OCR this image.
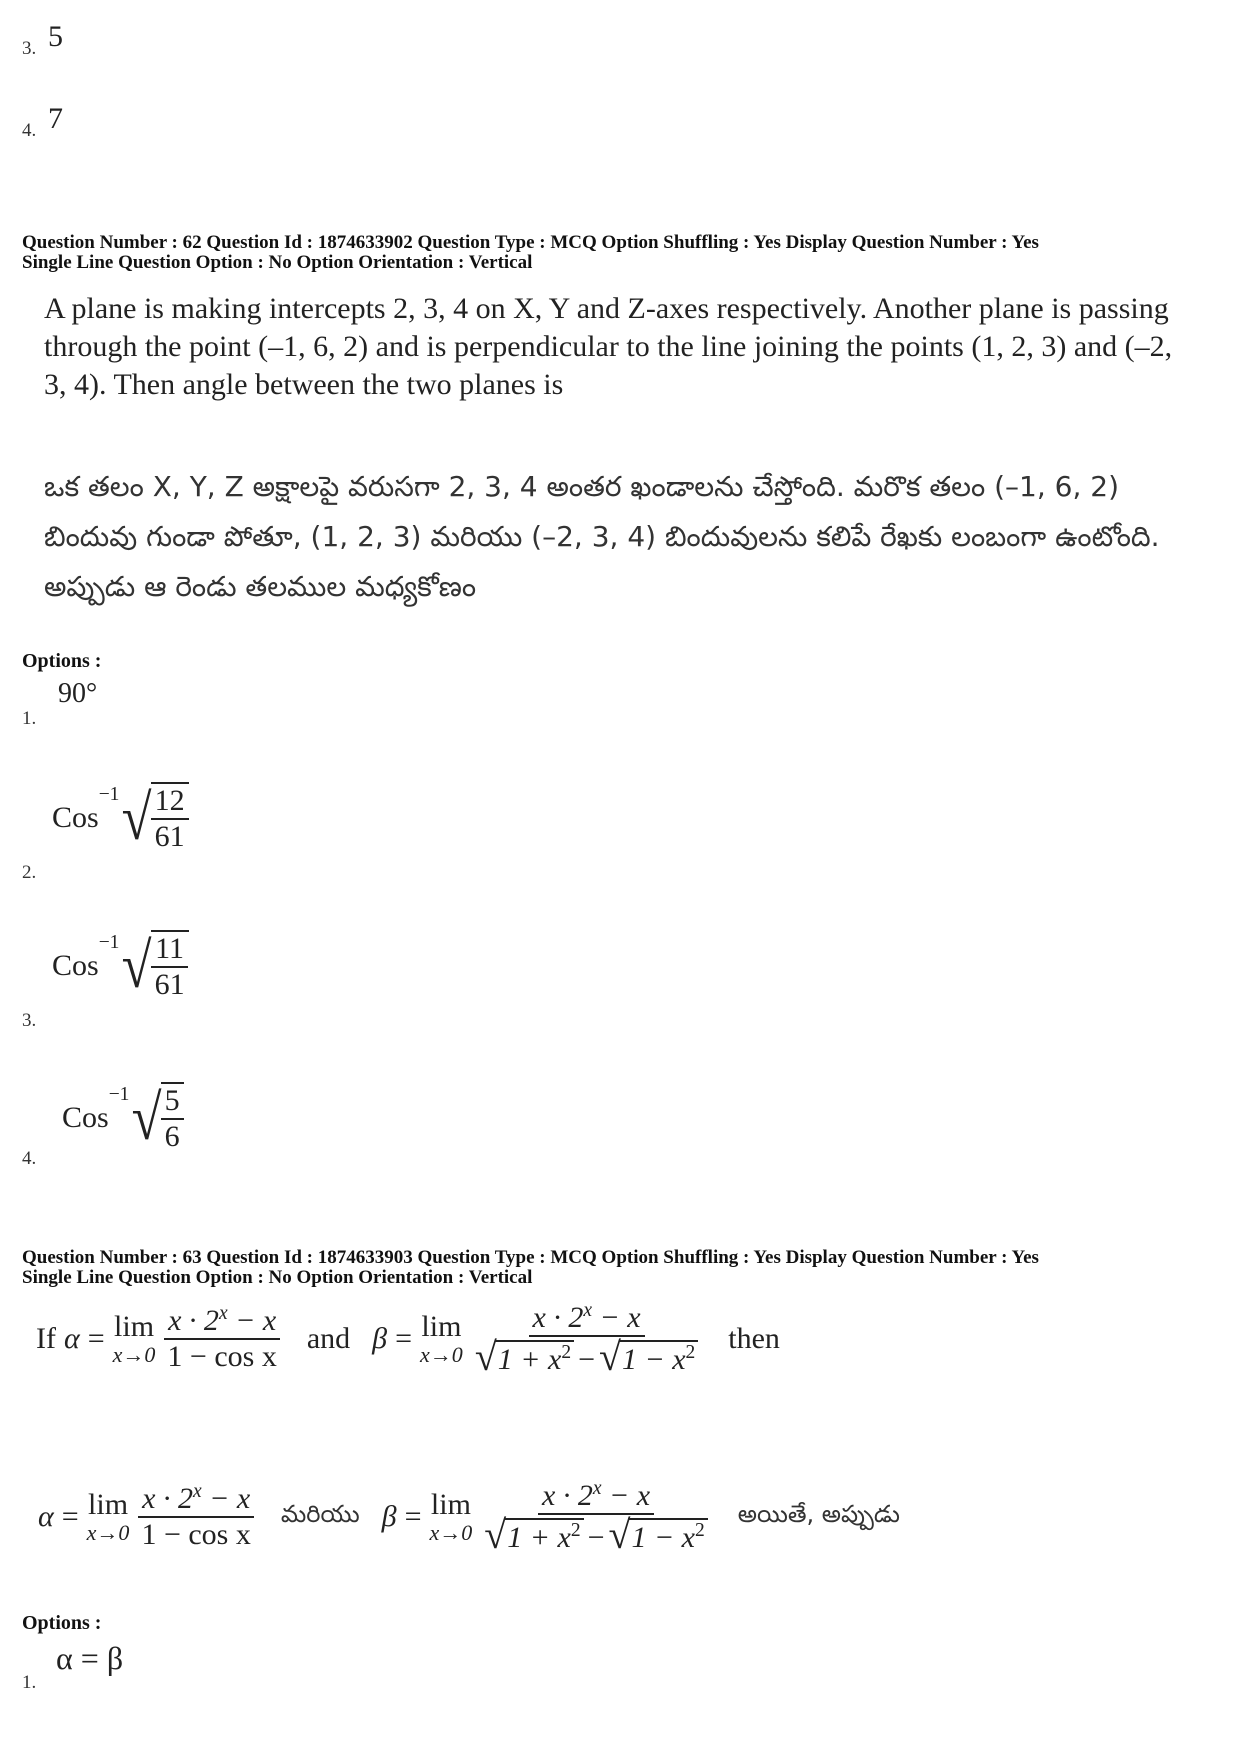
3. 5
4. 7
Question Number : 62 Question Id : 1874633902 Question Type : MCQ Option Shuffling : Yes Display Question Number : Yes
Single Line Question Option : No Option Orientation : Vertical
A plane is making intercepts 2, 3, 4 on X, Y and Z-axes respectively. Another plane is passing through the point (–1, 6, 2) and is perpendicular to the line joining the points (1, 2, 3) and (–2, 3, 4). Then angle between the two planes is
ఒక తలం X, Y, Z అక్షాలపై వరుసగా 2, 3, 4 అంతర ఖండాలను చేస్తోంది. మరొక తలం (–1, 6, 2) బిందువు గుండా పోతూ, (1, 2, 3) మరియు (–2, 3, 4) బిందువులను కలిపే రేఖకు లంబంగా ఉంటోంది. అప్పుడు ఆ రెండు తలముల మధ్యకోణం
Options :
1.
90°
Cos
$^{-1}$ √
$\frac{12}{61}$
2.
Cos
$^{-1}$ √
$\frac{11}{61}$
3.
Cos
$^{-1}$ √
$\frac{5}{6}$
4.
Question Number : 63 Question Id : 1874633903 Question Type : MCQ Option Shuffling : Yes Display Question Number : Yes
Single Line Question Option : No Option Orientation : Vertical
If α = lim
$x\to 0 \frac{x \cdot 2^x - x}{\text{1 − cos x}}$ and β = lim
$x\to 0 \frac{x \cdot 2^x - x}{√ 1 + x^2 - √ 1 - x^2}$ then
α = lim
$x\to 0 \frac{x \cdot 2^x - x}{\text{1 − cos x}}$ మరియు β = lim
$x\to 0 \frac{x \cdot 2^x - x}{√ 1 + x^2 - √ 1 - x^2}$ అయితే, అప్పుడు
Options :
1.
α = β
